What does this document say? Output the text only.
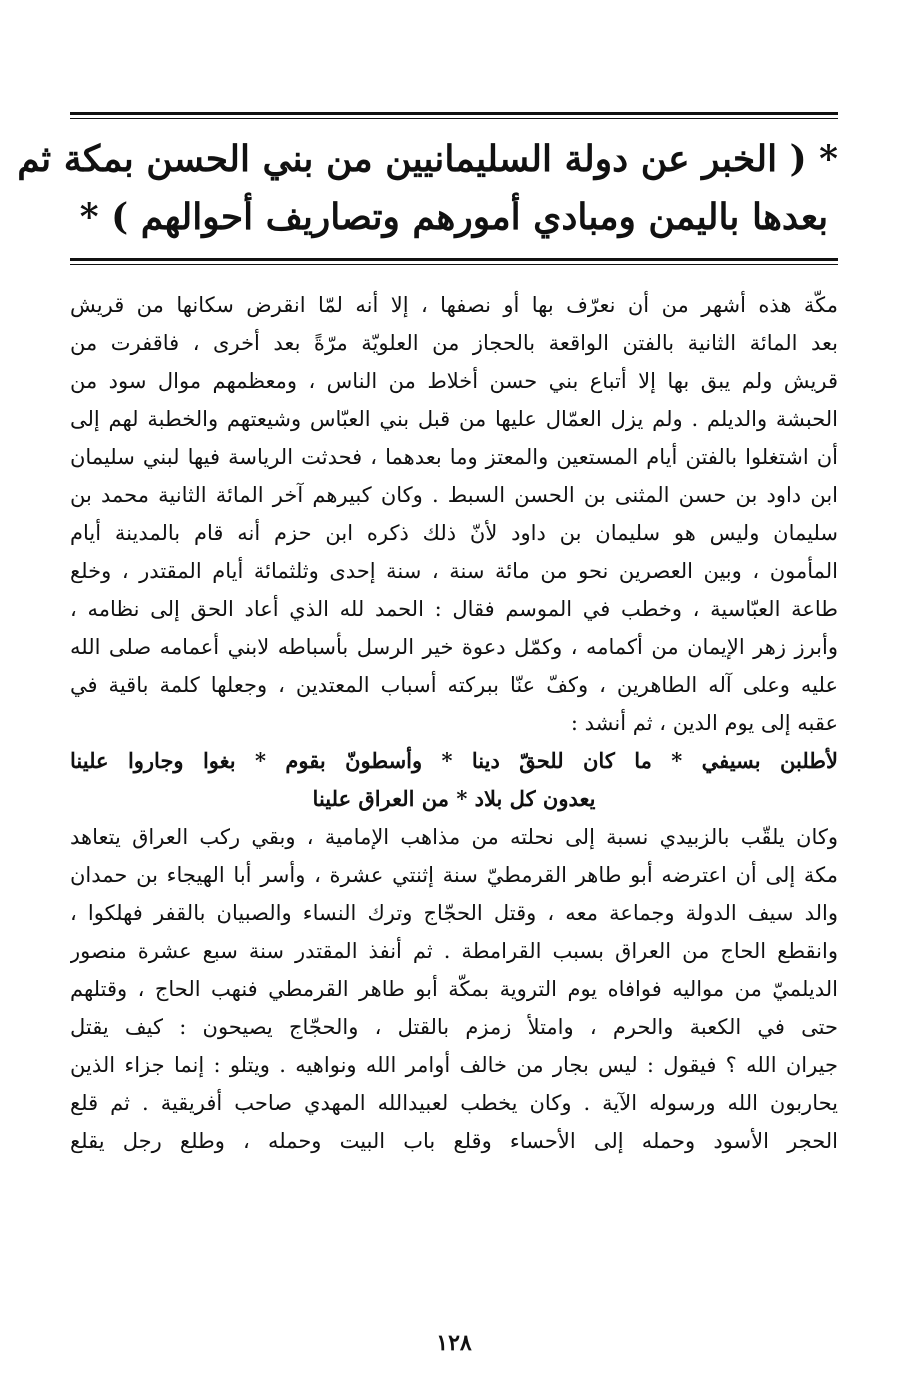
* ( الخبر عن دولة السليمانيين من بني الحسن بمكة ثم
بعدها باليمن ومبادي أمورهم وتصاريف أحوالهم ) *
مكّة هذه أشهر من أن نعرّف بها أو نصفها ، إلا أنه لمّا انقرض سكانها من قريش
بعد المائة الثانية بالفتن الواقعة بالحجاز من العلويّة مرّةً بعد أخرى ، فاقفرت من
قريش ولم يبق بها إلا أتباع بني حسن أخلاط من الناس ، ومعظمهم موال سود من
الحبشة والديلم . ولم يزل العمّال عليها من قبل بني العبّاس وشيعتهم والخطبة لهم إلى
أن اشتغلوا بالفتن أيام المستعين والمعتز وما بعدهما ، فحدثت الرياسة فيها لبني سليمان
ابن داود بن حسن المثنى بن الحسن السبط . وكان كبيرهم آخر المائة الثانية محمد بن
سليمان وليس هو سليمان بن داود لأنّ ذلك ذكره ابن حزم أنه قام بالمدينة أيام
المأمون ، وبين العصرين نحو من مائة سنة ، سنة إحدى وثلثمائة أيام المقتدر ، وخلع
طاعة العبّاسية ، وخطب في الموسم فقال : الحمد لله الذي أعاد الحق إلى نظامه ،
وأبرز زهر الإيمان من أكمامه ، وكمّل دعوة خير الرسل بأسباطه لابني أعمامه صلى الله
عليه وعلى آله الطاهرين ، وكفّ عنّا ببركته أسباب المعتدين ، وجعلها كلمة باقية في
عقبه إلى يوم الدين ، ثم أنشد :
لأطلبن بسيفي * ما كان للحقّ دينا * وأسطونّ بقوم * بغوا وجاروا علينا
يعدون كل بلاد * من العراق علينا
وكان يلقّب بالزبيدي نسبة إلى نحلته من مذاهب الإمامية ، وبقي ركب العراق يتعاهد
مكة إلى أن اعترضه أبو طاهر القرمطيّ سنة إثنتي عشرة ، وأسر أبا الهيجاء بن حمدان
والد سيف الدولة وجماعة معه ، وقتل الحجّاج وترك النساء والصبيان بالقفر فهلكوا ،
وانقطع الحاج من العراق بسبب القرامطة . ثم أنفذ المقتدر سنة سبع عشرة منصور
الديلميّ من مواليه فوافاه يوم التروية بمكّة أبو طاهر القرمطي فنهب الحاج ، وقتلهم
حتى في الكعبة والحرم ، وامتلأ زمزم بالقتل ، والحجّاج يصيحون : كيف يقتل
جيران الله ؟ فيقول : ليس بجار من خالف أوامر الله ونواهيه . ويتلو : إنما جزاء الذين
يحاربون الله ورسوله الآية . وكان يخطب لعبيدالله المهدي صاحب أفريقية . ثم قلع
الحجر الأسود وحمله إلى الأحساء وقلع باب البيت وحمله ، وطلع رجل يقلع
١٢٨
